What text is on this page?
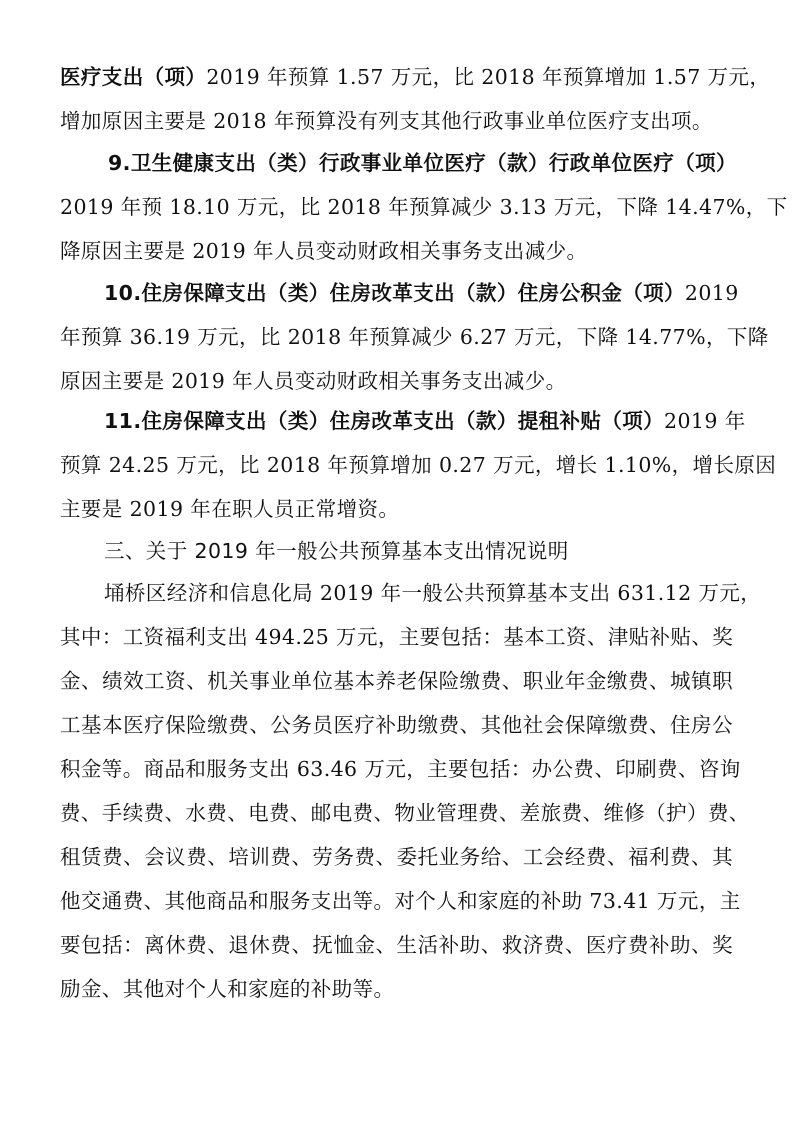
医疗支出（项）2019 年预算 1.57 万元，比 2018 年预算增加 1.57 万元，
增加原因主要是 2018 年预算没有列支其他行政事业单位医疗支出项。
9.卫生健康支出（类）行政事业单位医疗（款）行政单位医疗（项）
2019 年预 18.10 万元，比 2018 年预算减少 3.13 万元，下降 14.47%，下
降原因主要是 2019 年人员变动财政相关事务支出减少。
10.住房保障支出（类）住房改革支出（款）住房公积金（项）2019
年预算 36.19 万元，比 2018 年预算减少 6.27 万元，下降 14.77%，下降
原因主要是 2019 年人员变动财政相关事务支出减少。
11.住房保障支出（类）住房改革支出（款）提租补贴（项）2019 年
预算 24.25 万元，比 2018 年预算增加 0.27 万元，增长 1.10%，增长原因
主要是 2019 年在职人员正常增资。
三、关于 2019 年一般公共预算基本支出情况说明
埇桥区经济和信息化局 2019 年一般公共预算基本支出 631.12 万元，
其中：工资福利支出 494.25 万元，主要包括：基本工资、津贴补贴、奖
金、绩效工资、机关事业单位基本养老保险缴费、职业年金缴费、城镇职
工基本医疗保险缴费、公务员医疗补助缴费、其他社会保障缴费、住房公
积金等。商品和服务支出 63.46 万元，主要包括：办公费、印刷费、咨询
费、手续费、水费、电费、邮电费、物业管理费、差旅费、维修（护）费、
租赁费、会议费、培训费、劳务费、委托业务给、工会经费、福利费、其
他交通费、其他商品和服务支出等。对个人和家庭的补助 73.41 万元，主
要包括：离休费、退休费、抚恤金、生活补助、救济费、医疗费补助、奖
励金、其他对个人和家庭的补助等。
